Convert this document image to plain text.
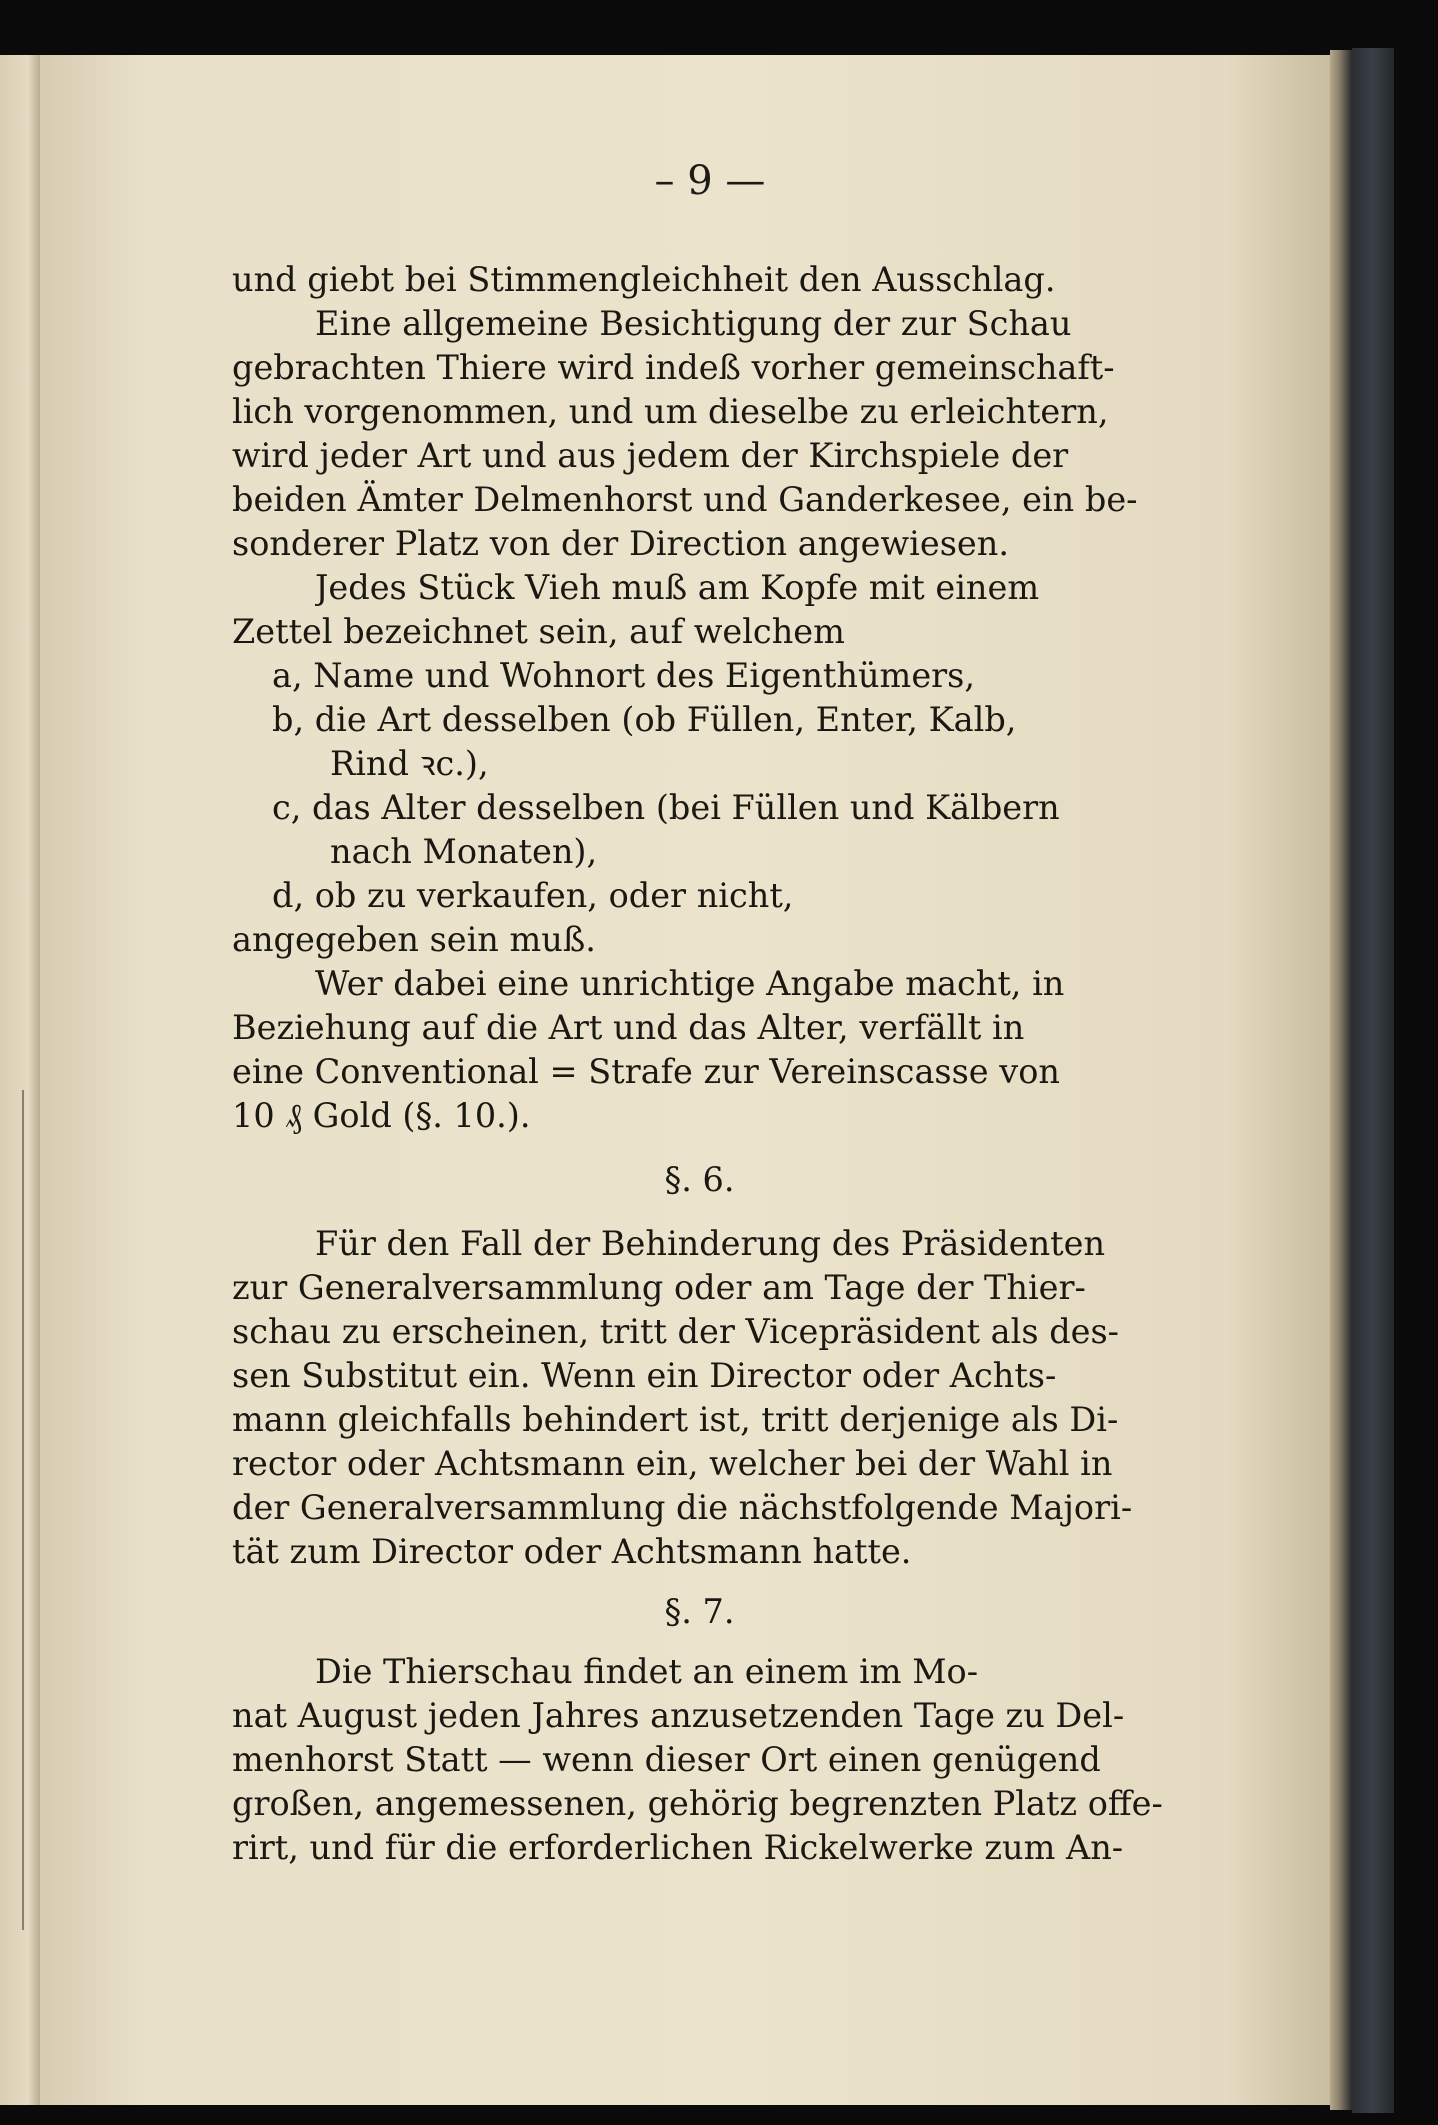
– 9 —
und giebt bei Stimmengleichheit den Ausschlag.
Eine allgemeine Besichtigung der zur Schau
gebrachten Thiere wird indeß vorher gemeinschaft-
lich vorgenommen, und um dieselbe zu erleichtern,
wird jeder Art und aus jedem der Kirchspiele der
beiden Ämter Delmenhorst und Ganderkesee, ein be-
sonderer Platz von der Direction angewiesen.
Jedes Stück Vieh muß am Kopfe mit einem
Zettel bezeichnet sein, auf welchem
a, Name und Wohnort des Eigenthümers,
b, die Art desselben (ob Füllen, Enter, Kalb,
Rind ꝛc.),
c, das Alter desselben (bei Füllen und Kälbern
nach Monaten),
d, ob zu verkaufen, oder nicht,
angegeben sein muß.
Wer dabei eine unrichtige Angabe macht, in
Beziehung auf die Art und das Alter, verfällt in
eine Conventional = Strafe zur Vereinscasse von
10 ₰ Gold (§. 10.).
§. 6.
Für den Fall der Behinderung des Präsidenten
zur Generalversammlung oder am Tage der Thier-
schau zu erscheinen, tritt der Vicepräsident als des-
sen Substitut ein. Wenn ein Director oder Achts-
mann gleichfalls behindert ist, tritt derjenige als Di-
rector oder Achtsmann ein, welcher bei der Wahl in
der Generalversammlung die nächstfolgende Majori-
tät zum Director oder Achtsmann hatte.
§. 7.
Die Thierschau findet an einem im Mo-
nat August jeden Jahres anzusetzenden Tage zu Del-
menhorst Statt — wenn dieser Ort einen genügend
großen, angemessenen, gehörig begrenzten Platz offe-
rirt, und für die erforderlichen Rickelwerke zum An-
